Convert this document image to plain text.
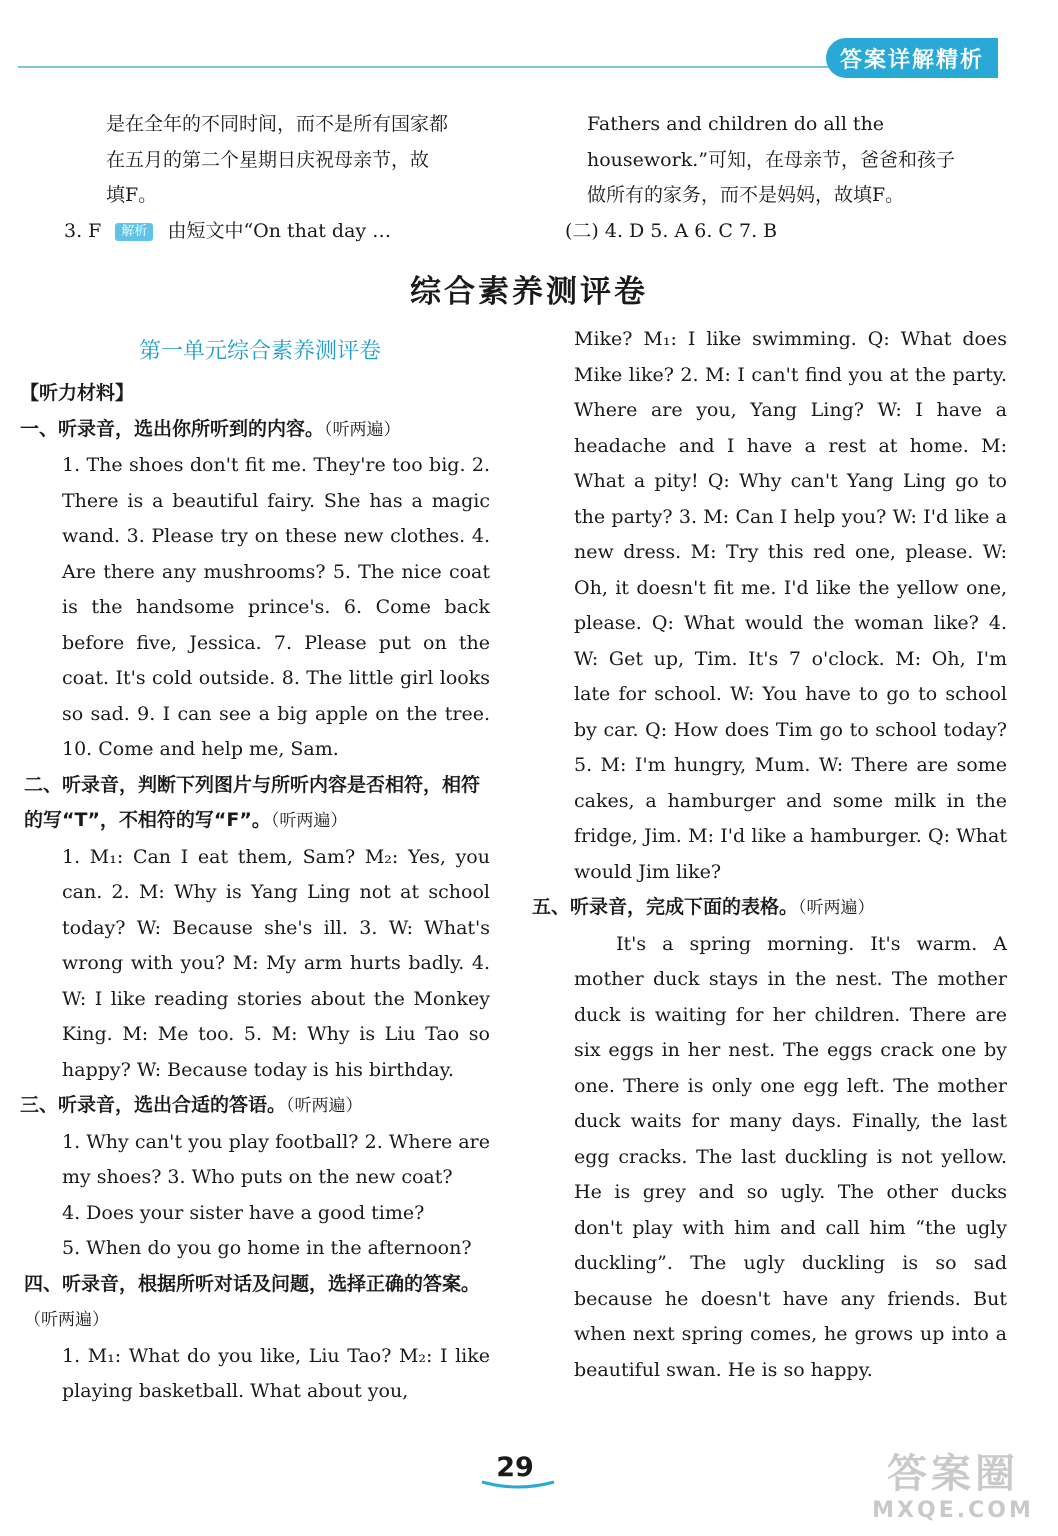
答案详解精析

是在全年的不同时间，而不是所有国家都

在五月的第二个星期日庆祝母亲节，故

填F。

3. F 解析 由短文中“On that day …

Fathers and children do all the

housework.”可知，在母亲节，爸爸和孩子

做所有的家务，而不是妈妈，故填F。

(二) 4. D 5. A 6. C 7. B

综合素养测评卷
第一单元综合素养测评卷

【听力材料】

一、听录音，选出你所听到的内容。（听两遍）

1. The shoes don't fit me. They're too big. 2. There is a beautiful fairy. She has a magic wand. 3. Please try on these new clothes. 4. Are there any mushrooms? 5. The nice coat is the handsome prince's. 6. Come back before five, Jessica. 7. Please put on the coat. It's cold outside. 8. The little girl looks so sad. 9. I can see a big apple on the tree. 10. Come and help me, Sam.

二、听录音，判断下列图片与所听内容是否相符，相符的写“T”，不相符的写“F”。（听两遍）

1. M₁: Can I eat them, Sam? M₂: Yes, you can. 2. M: Why is Yang Ling not at school today? W: Because she's ill. 3. W: What's wrong with you? M: My arm hurts badly. 4. W: I like reading stories about the Monkey King. M: Me too. 5. M: Why is Liu Tao so happy? W: Because today is his birthday.

三、听录音，选出合适的答语。（听两遍）

1. Why can't you play football? 2. Where are my shoes? 3. Who puts on the new coat?

4. Does your sister have a good time?

5. When do you go home in the afternoon?

四、听录音，根据所听对话及问题，选择正确的答案。（听两遍）

1. M₁: What do you like, Liu Tao? M₂: I like playing basketball. What about you,

Mike? M₁: I like swimming. Q: What does Mike like? 2. M: I can't find you at the party. Where are you, Yang Ling? W: I have a headache and I have a rest at home. M: What a pity! Q: Why can't Yang Ling go to the party? 3. M: Can I help you? W: I'd like a new dress. M: Try this red one, please. W: Oh, it doesn't fit me. I'd like the yellow one, please. Q: What would the woman like? 4. W: Get up, Tim. It's 7 o'clock. M: Oh, I'm late for school. W: You have to go to school by car. Q: How does Tim go to school today? 5. M: I'm hungry, Mum. W: There are some cakes, a hamburger and some milk in the fridge, Jim. M: I'd like a hamburger. Q: What would Jim like?

五、听录音，完成下面的表格。（听两遍）

It's a spring morning. It's warm. A mother duck stays in the nest. The mother duck is waiting for her children. There are six eggs in her nest. The eggs crack one by one. There is only one egg left. The mother duck waits for many days. Finally, the last egg cracks. The last duckling is not yellow. He is grey and so ugly. The other ducks don't play with him and call him “the ugly duckling”. The ugly duckling is so sad because he doesn't have any friends. But when next spring comes, he grows up into a beautiful swan. He is so happy.

29	答案圈
MXQE.COM
